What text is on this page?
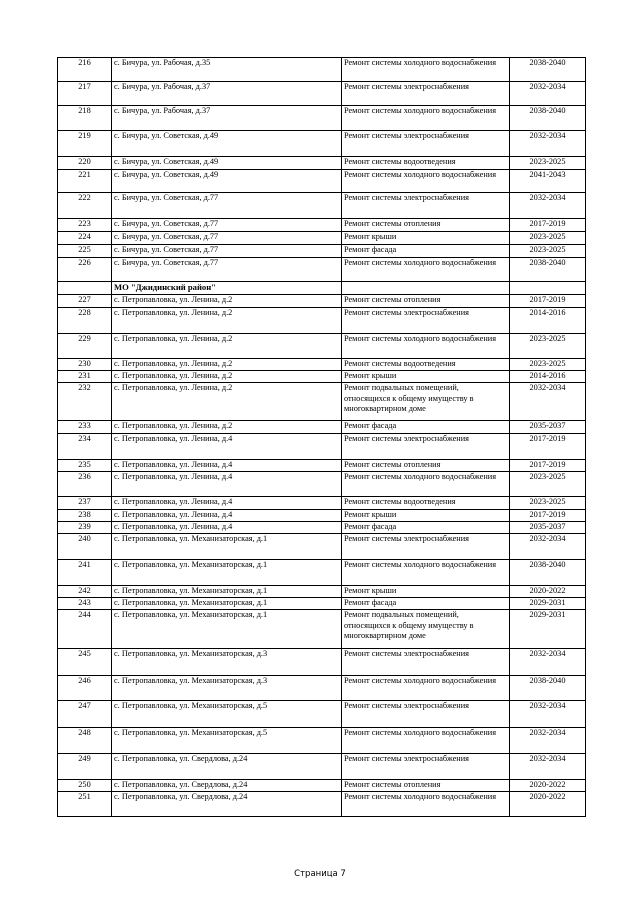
216	с. Бичура, ул. Рабочая, д.35	Ремонт системы холодного водоснабжения	2038-2040
217	с. Бичура, ул. Рабочая, д.37	Ремонт системы электроснабжения	2032-2034
218	с. Бичура, ул. Рабочая, д.37	Ремонт системы холодного водоснабжения	2038-2040
219	с. Бичура, ул. Советская, д.49	Ремонт системы электроснабжения	2032-2034
220	с. Бичура, ул. Советская, д.49	Ремонт системы водоотведения	2023-2025
221	с. Бичура, ул. Советская, д.49	Ремонт системы холодного водоснабжения	2041-2043
222	с. Бичура, ул. Советская, д.77	Ремонт системы электроснабжения	2032-2034
223	с. Бичура, ул. Советская, д.77	Ремонт системы отопления	2017-2019
224	с. Бичура, ул. Советская, д.77	Ремонт крыши	2023-2025
225	с. Бичура, ул. Советская, д.77	Ремонт фасада	2023-2025
226	с. Бичура, ул. Советская, д.77	Ремонт системы холодного водоснабжения	2038-2040
	МО "Джидинский район"		
227	с. Петропавловка, ул. Ленина, д.2	Ремонт системы отопления	2017-2019
228	с. Петропавловка, ул. Ленина, д.2	Ремонт системы электроснабжения	2014-2016
229	с. Петропавловка, ул. Ленина, д.2	Ремонт системы холодного водоснабжения	2023-2025
230	с. Петропавловка, ул. Ленина, д.2	Ремонт системы водоотведения	2023-2025
231	с. Петропавловка, ул. Ленина, д.2	Ремонт крыши	2014-2016
232	с. Петропавловка, ул. Ленина, д.2	Ремонт подвальных помещений, относящихся к общему имуществу в многоквартирном доме	2032-2034
233	с. Петропавловка, ул. Ленина, д.2	Ремонт фасада	2035-2037
234	с. Петропавловка, ул. Ленина, д.4	Ремонт системы электроснабжения	2017-2019
235	с. Петропавловка, ул. Ленина, д.4	Ремонт системы отопления	2017-2019
236	с. Петропавловка, ул. Ленина, д.4	Ремонт системы холодного водоснабжения	2023-2025
237	с. Петропавловка, ул. Ленина, д.4	Ремонт системы водоотведения	2023-2025
238	с. Петропавловка, ул. Ленина, д.4	Ремонт крыши	2017-2019
239	с. Петропавловка, ул. Ленина, д.4	Ремонт фасада	2035-2037
240	с. Петропавловка, ул. Механизаторская, д.1	Ремонт системы электроснабжения	2032-2034
241	с. Петропавловка, ул. Механизаторская, д.1	Ремонт системы холодного водоснабжения	2038-2040
242	с. Петропавловка, ул. Механизаторская, д.1	Ремонт крыши	2020-2022
243	с. Петропавловка, ул. Механизаторская, д.1	Ремонт фасада	2029-2031
244	с. Петропавловка, ул. Механизаторская, д.1	Ремонт подвальных помещений, относящихся к общему имуществу в многоквартирном доме	2029-2031
245	с. Петропавловка, ул. Механизаторская, д.3	Ремонт системы электроснабжения	2032-2034
246	с. Петропавловка, ул. Механизаторская, д.3	Ремонт системы холодного водоснабжения	2038-2040
247	с. Петропавловка, ул. Механизаторская, д.5	Ремонт системы электроснабжения	2032-2034
248	с. Петропавловка, ул. Механизаторская, д.5	Ремонт системы холодного водоснабжения	2032-2034
249	с. Петропавловка, ул. Свердлова, д.24	Ремонт системы электроснабжения	2032-2034
250	с. Петропавловка, ул. Свердлова, д.24	Ремонт системы отопления	2020-2022
251	с. Петропавловка, ул. Свердлова, д.24	Ремонт системы холодного водоснабжения	2020-2022
Страница 7
